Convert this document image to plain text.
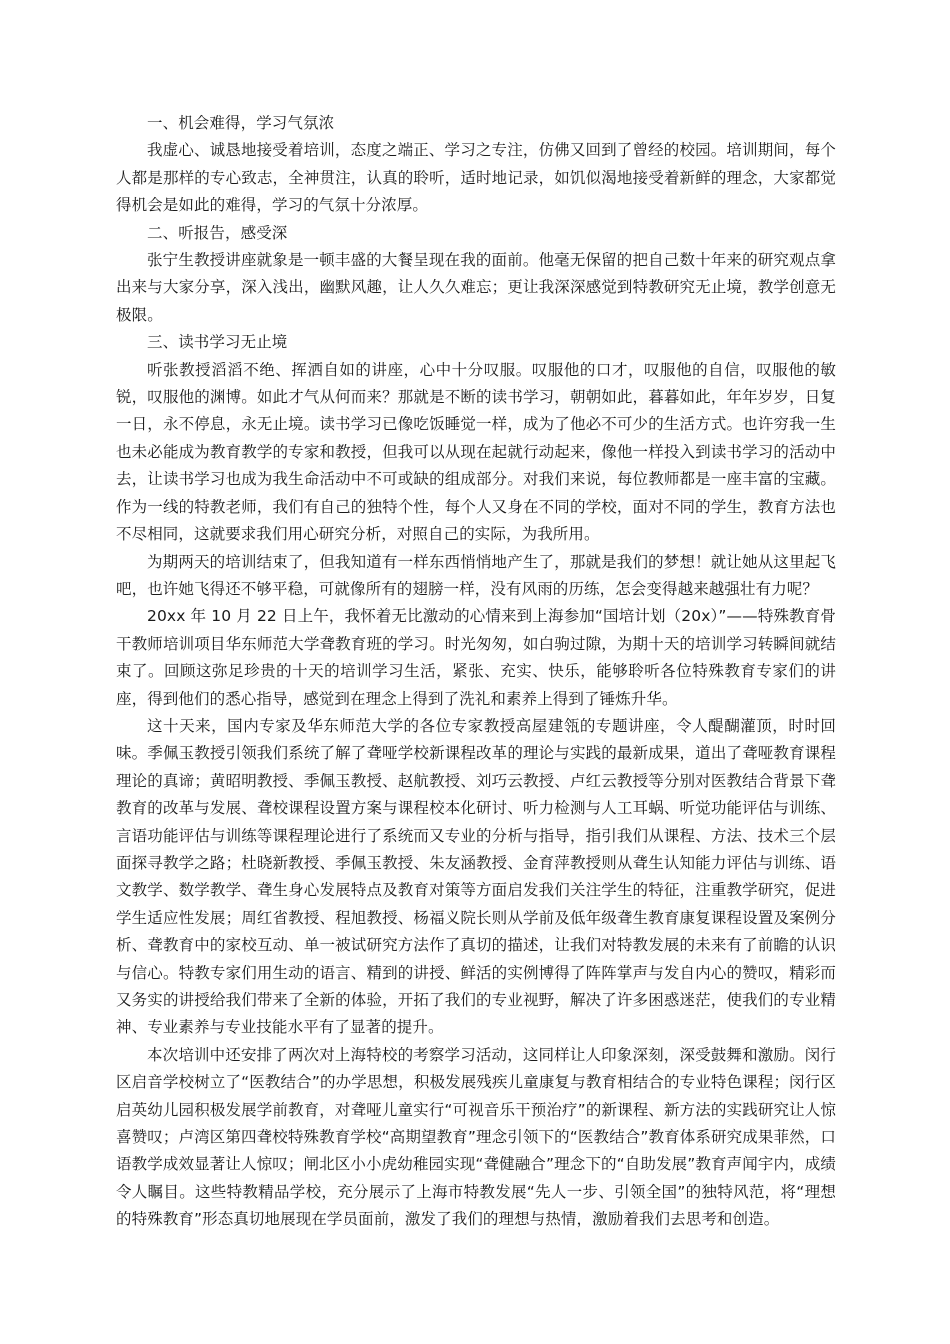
一、机会难得，学习气氛浓

我虚心、诚恳地接受着培训，态度之端正、学习之专注，仿佛又回到了曾经的校园。培训期间，每个人都是那样的专心致志，全神贯注，认真的聆听，适时地记录，如饥似渴地接受着新鲜的理念，大家都觉得机会是如此的难得，学习的气氛十分浓厚。

二、听报告，感受深

张宁生教授讲座就象是一顿丰盛的大餐呈现在我的面前。他毫无保留的把自己数十年来的研究观点拿出来与大家分享，深入浅出，幽默风趣，让人久久难忘；更让我深深感觉到特教研究无止境，教学创意无极限。

三、读书学习无止境

听张教授滔滔不绝、挥洒自如的讲座，心中十分叹服。叹服他的口才，叹服他的自信，叹服他的敏锐，叹服他的渊博。如此才气从何而来？那就是不断的读书学习，朝朝如此，暮暮如此，年年岁岁，日复一日，永不停息，永无止境。读书学习已像吃饭睡觉一样，成为了他必不可少的生活方式。也许穷我一生也未必能成为教育教学的专家和教授，但我可以从现在起就行动起来，像他一样投入到读书学习的活动中去，让读书学习也成为我生命活动中不可或缺的组成部分。对我们来说，每位教师都是一座丰富的宝藏。作为一线的特教老师，我们有自己的独特个性，每个人又身在不同的学校，面对不同的学生，教育方法也不尽相同，这就要求我们用心研究分析，对照自己的实际，为我所用。

为期两天的培训结束了，但我知道有一样东西悄悄地产生了，那就是我们的梦想！就让她从这里起飞吧，也许她飞得还不够平稳，可就像所有的翅膀一样，没有风雨的历练，怎会变得越来越强壮有力呢？

20xx 年 10 月 22 日上午，我怀着无比激动的心情来到上海参加“国培计划（20x）”——特殊教育骨干教师培训项目华东师范大学聋教育班的学习。时光匆匆，如白驹过隙，为期十天的培训学习转瞬间就结束了。回顾这弥足珍贵的十天的培训学习生活，紧张、充实、快乐，能够聆听各位特殊教育专家们的讲座，得到他们的悉心指导，感觉到在理念上得到了洗礼和素养上得到了锤炼升华。

这十天来，国内专家及华东师范大学的各位专家教授高屋建瓴的专题讲座，令人醍醐灌顶，时时回味。季佩玉教授引领我们系统了解了聋哑学校新课程改革的理论与实践的最新成果，道出了聋哑教育课程理论的真谛；黄昭明教授、季佩玉教授、赵航教授、刘巧云教授、卢红云教授等分别对医教结合背景下聋教育的改革与发展、聋校课程设置方案与课程校本化研讨、听力检测与人工耳蜗、听觉功能评估与训练、言语功能评估与训练等课程理论进行了系统而又专业的分析与指导，指引我们从课程、方法、技术三个层面探寻教学之路；杜晓新教授、季佩玉教授、朱友涵教授、金育萍教授则从聋生认知能力评估与训练、语文教学、数学教学、聋生身心发展特点及教育对策等方面启发我们关注学生的特征，注重教学研究，促进学生适应性发展；周红省教授、程旭教授、杨福义院长则从学前及低年级聋生教育康复课程设置及案例分析、聋教育中的家校互动、单一被试研究方法作了真切的描述，让我们对特教发展的未来有了前瞻的认识与信心。特教专家们用生动的语言、精到的讲授、鲜活的实例博得了阵阵掌声与发自内心的赞叹，精彩而又务实的讲授给我们带来了全新的体验，开拓了我们的专业视野，解决了许多困惑迷茫，使我们的专业精神、专业素养与专业技能水平有了显著的提升。

本次培训中还安排了两次对上海特校的考察学习活动，这同样让人印象深刻，深受鼓舞和激励。闵行区启音学校树立了“医教结合”的办学思想，积极发展残疾儿童康复与教育相结合的专业特色课程；闵行区启英幼儿园积极发展学前教育，对聋哑儿童实行“可视音乐干预治疗”的新课程、新方法的实践研究让人惊喜赞叹；卢湾区第四聋校特殊教育学校“高期望教育”理念引领下的“医教结合”教育体系研究成果菲然，口语教学成效显著让人惊叹；闸北区小小虎幼稚园实现“聋健融合”理念下的“自助发展”教育声闻宇内，成绩令人瞩目。这些特教精品学校，充分展示了上海市特教发展“先人一步、引领全国”的独特风范，将“理想的特殊教育”形态真切地展现在学员面前，激发了我们的理想与热情，激励着我们去思考和创造。
